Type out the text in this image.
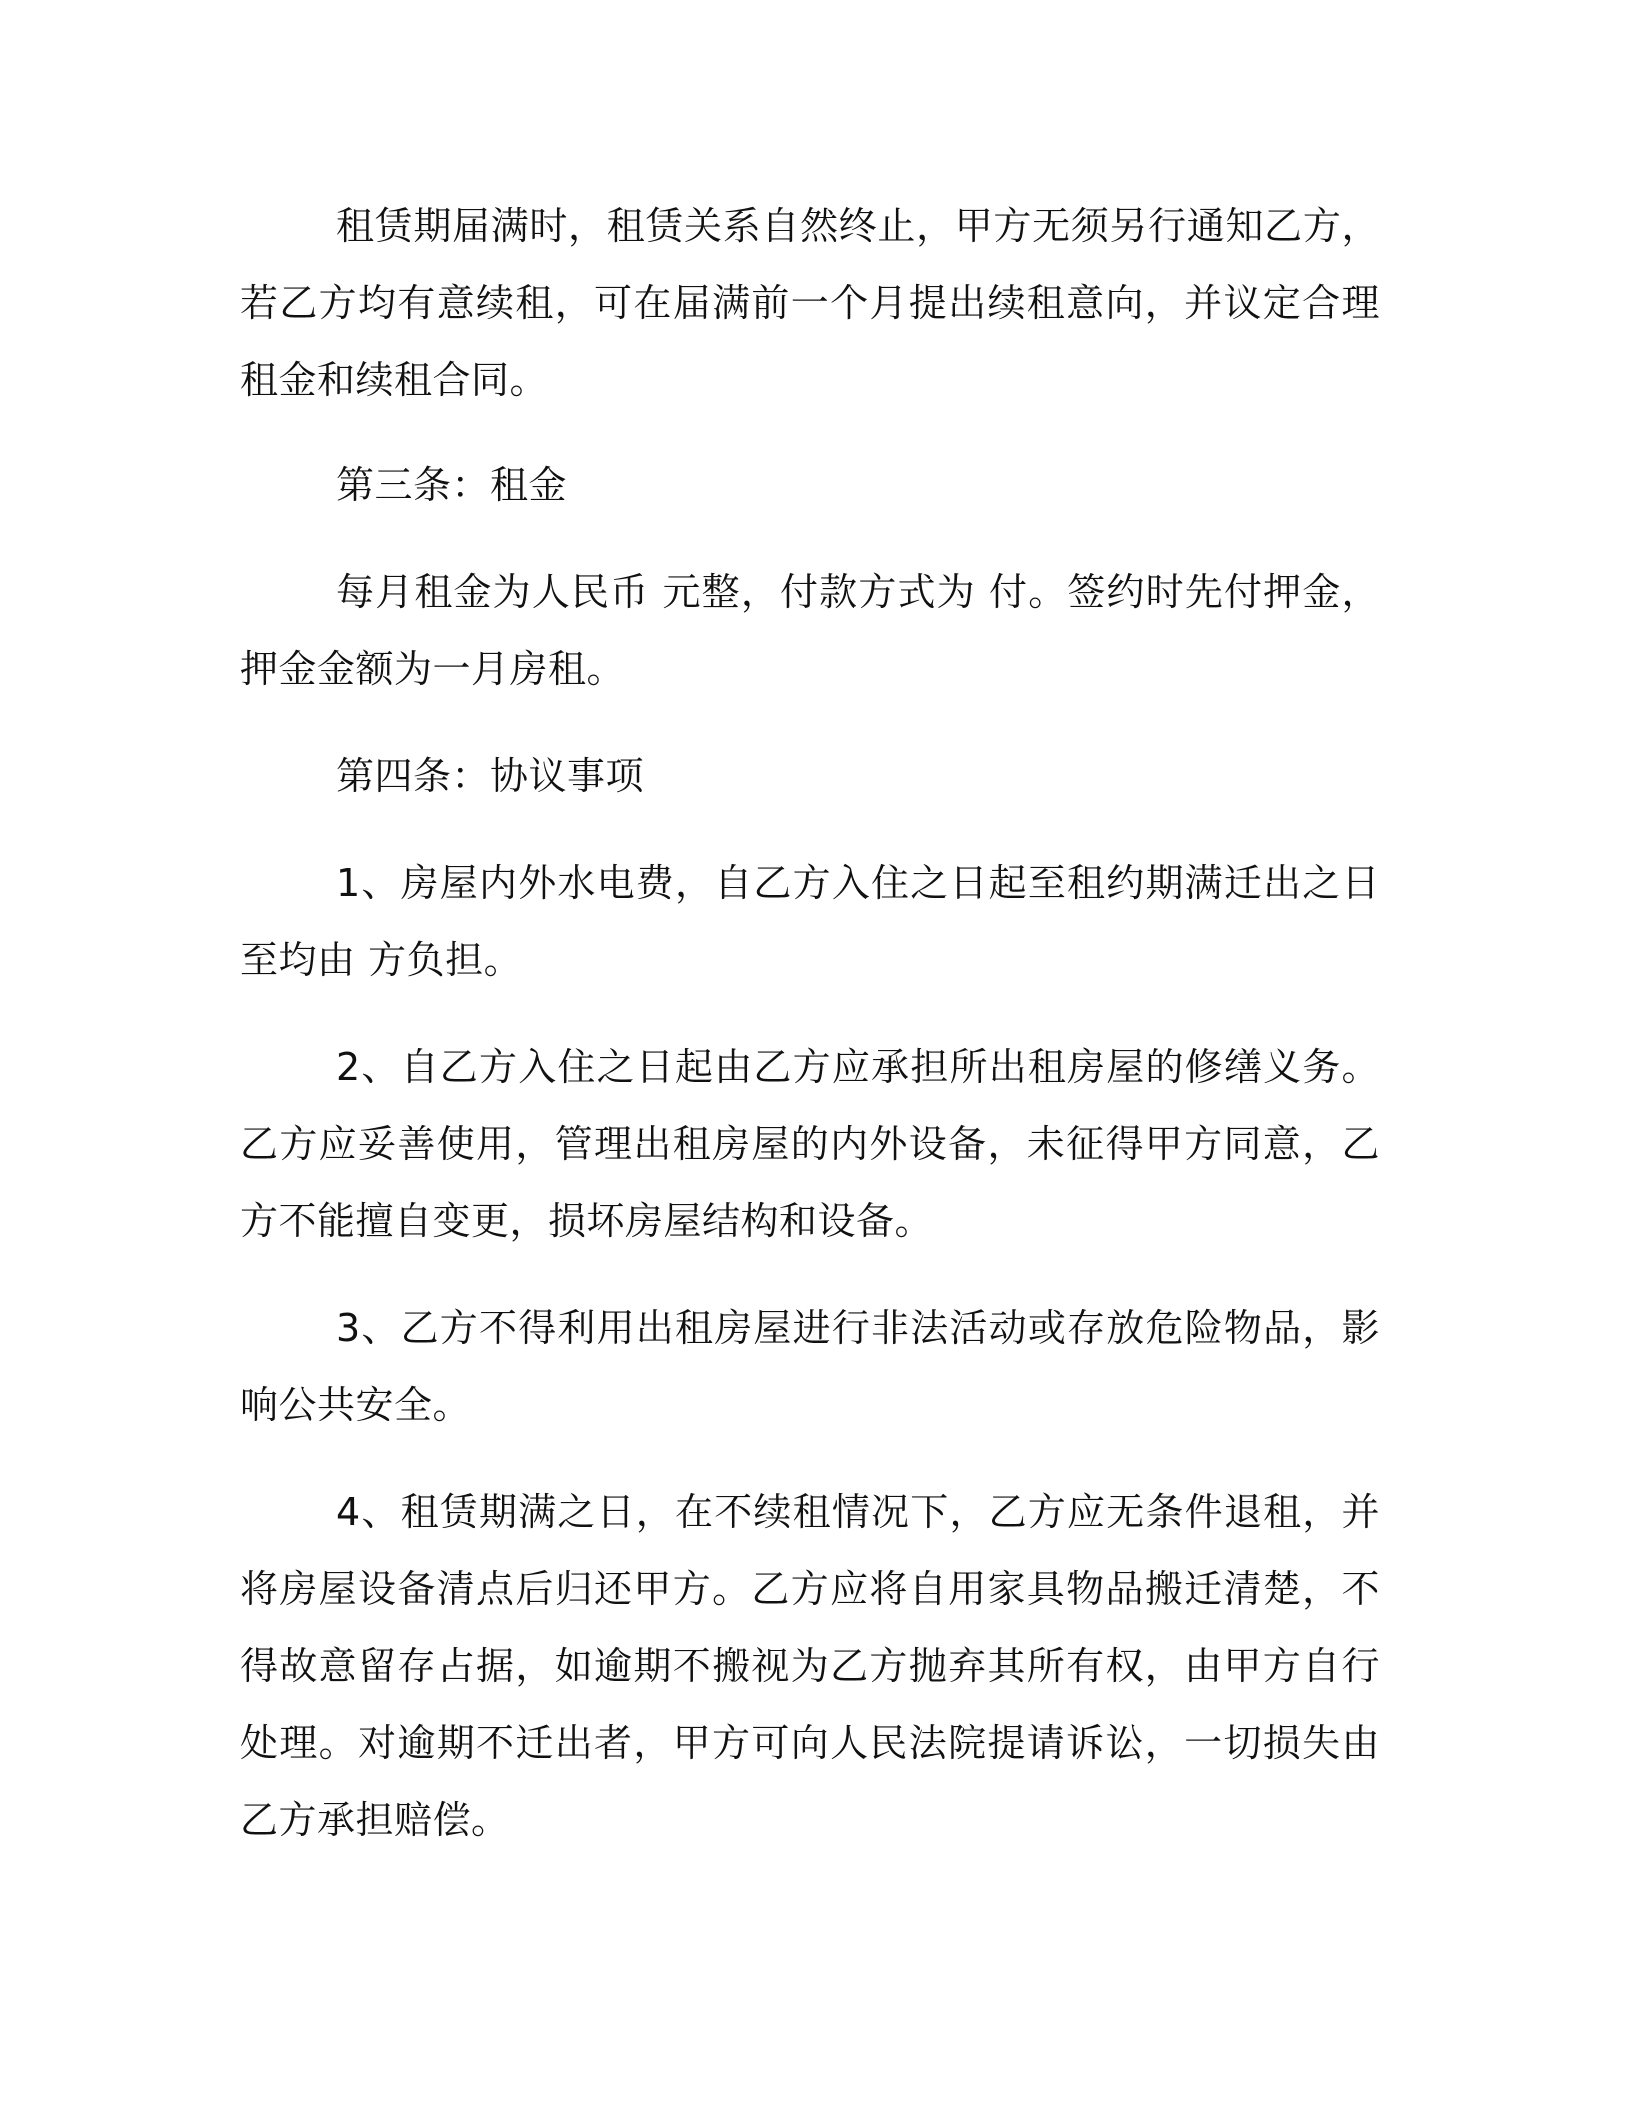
租赁期届满时，租赁关系自然终止，甲方无须另行通知乙方，若乙方均有意续租，可在届满前一个月提出续租意向，并议定合理租金和续租合同。

第三条：租金

每月租金为人民币 元整，付款方式为 付。签约时先付押金，押金金额为一月房租。

第四条：协议事项

1、房屋内外水电费，自乙方入住之日起至租约期满迁出之日至均由 方负担。

2、自乙方入住之日起由乙方应承担所出租房屋的修缮义务。乙方应妥善使用，管理出租房屋的内外设备，未征得甲方同意，乙方不能擅自变更，损坏房屋结构和设备。

3、乙方不得利用出租房屋进行非法活动或存放危险物品，影响公共安全。

4、租赁期满之日，在不续租情况下，乙方应无条件退租，并将房屋设备清点后归还甲方。乙方应将自用家具物品搬迁清楚，不得故意留存占据，如逾期不搬视为乙方抛弃其所有权，由甲方自行处理。对逾期不迁出者，甲方可向人民法院提请诉讼，一切损失由乙方承担赔偿。
